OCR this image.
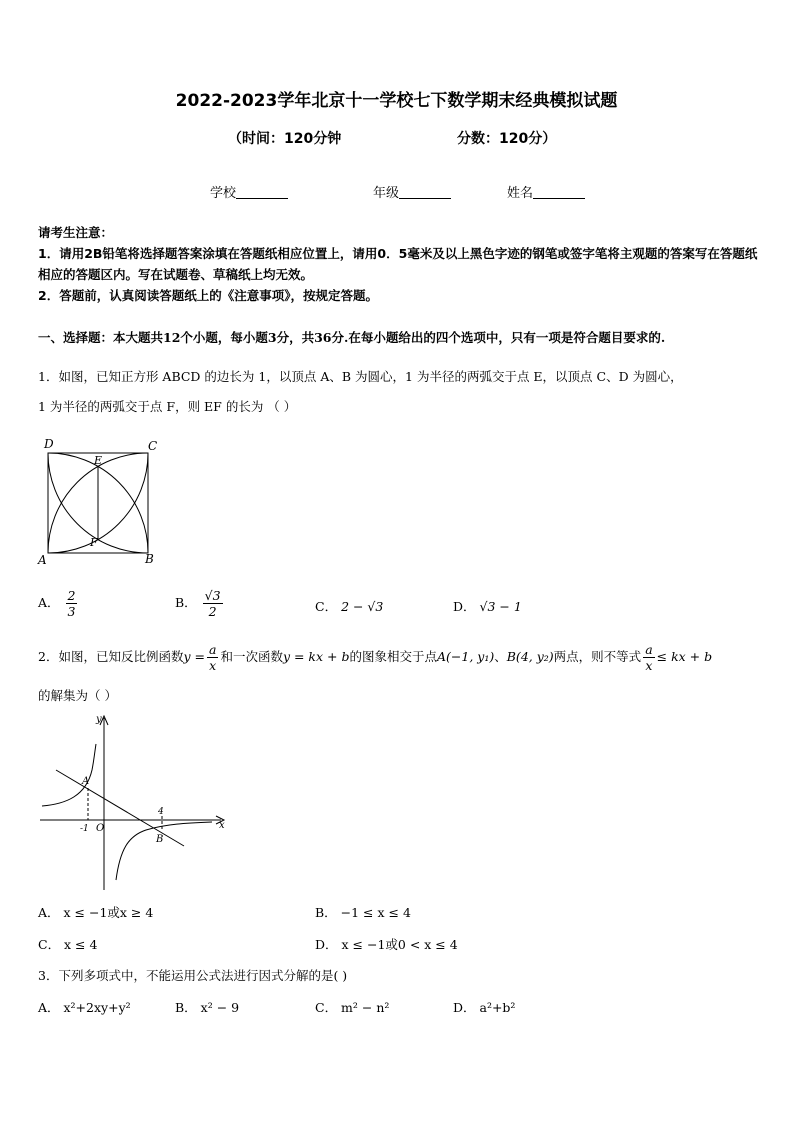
2022-2023学年北京十一学校七下数学期末经典模拟试题
（时间：120分钟	分数：120分）
学校	年级	姓名
请考生注意：
1．请用2B铅笔将选择题答案涂填在答题纸相应位置上，请用0．5毫米及以上黑色字迹的钢笔或签字笔将主观题的答案写在答题纸相应的答题区内。写在试题卷、草稿纸上均无效。
2．答题前，认真阅读答题纸上的《注意事项》，按规定答题。
一、选择题：本大题共12个小题，每小题3分，共36分.在每小题给出的四个选项中，只有一项是符合题目要求的.
1．如图，已知正方形 ABCD 的边长为 1，以顶点 A、B 为圆心，1 为半径的两弧交于点 E，以顶点 C、D 为圆心，
1 为半径的两弧交于点 F，则 EF 的长为 （ ）
D	C
E
F
A	B
A． $\frac{2}{3}$	B． $\frac{√3}{2}$	C． 2 − √3	D． √3 − 1
2．如图，已知反比例函数$y = \frac{a}{x}$ 和一次函数y = kx + b的图象相交于点A(−1, y₁)、B(4, y₂)两点，则不等式 $\frac{a}{x}$ ≤ kx + b
的解集为（ ）
y
x
A
B
O
-1
4
A． x ≤ −1或x ≥ 4	B． −1 ≤ x ≤ 4
C． x ≤ 4	D． x ≤ −1或0 < x ≤ 4
3．下列多项式中，不能运用公式法进行因式分解的是( )
A． x²+2xy+y²	B． x² − 9	C． m² − n²	D． a²+b²
